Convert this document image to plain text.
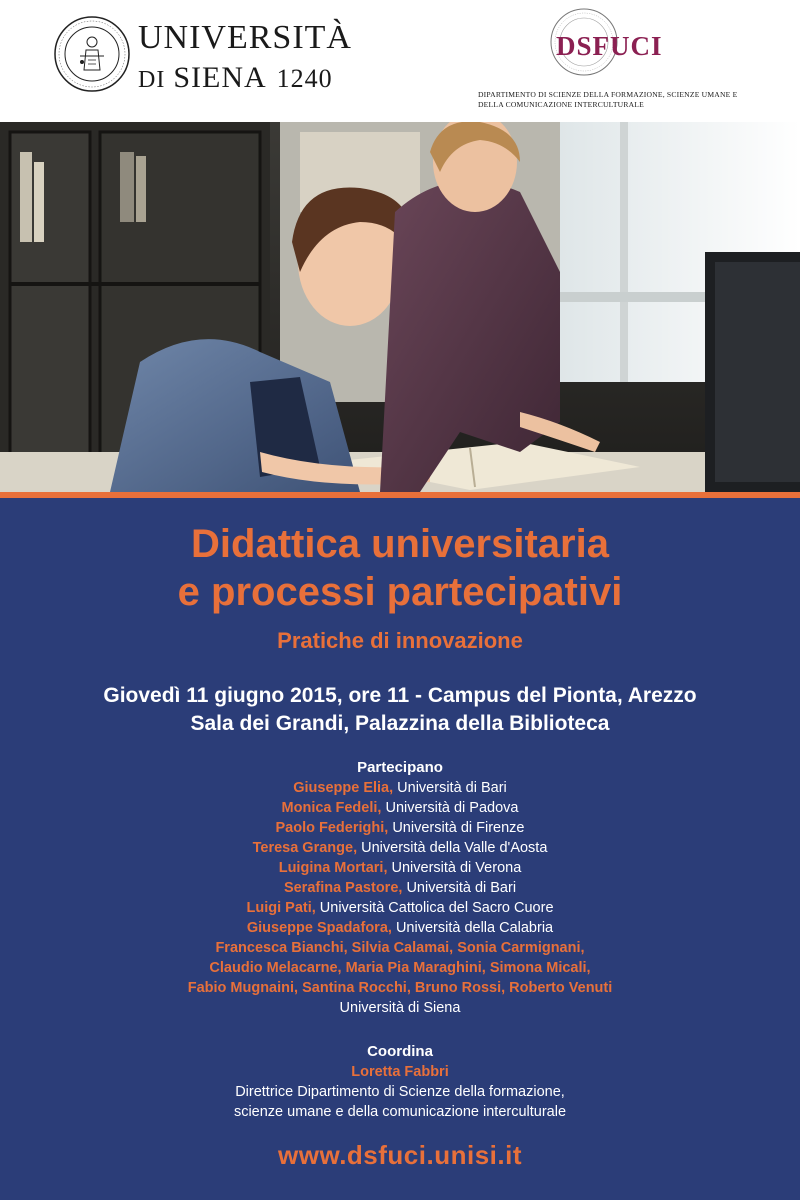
UNIVERSITÀ
DI SIENA 1240
DSFUCI
DIPARTIMENTO DI SCIENZE DELLA FORMAZIONE, SCIENZE UMANE E DELLA COMUNICAZIONE INTERCULTURALE
Didattica universitaria
e processi partecipativi
Pratiche di innovazione
Giovedì 11 giugno 2015, ore 11 - Campus del Pionta, Arezzo
Sala dei Grandi, Palazzina della Biblioteca
Partecipano
Giuseppe Elia, Università di Bari
Monica Fedeli, Università di Padova
Paolo Federighi, Università di Firenze
Teresa Grange, Università della Valle d'Aosta
Luigina Mortari, Università di Verona
Serafina Pastore, Università di Bari
Luigi Pati, Università Cattolica del Sacro Cuore
Giuseppe Spadafora, Università della Calabria
Francesca Bianchi, Silvia Calamai, Sonia Carmignani,
Claudio Melacarne, Maria Pia Maraghini, Simona Micali,
Fabio Mugnaini, Santina Rocchi, Bruno Rossi, Roberto Venuti
Università di Siena
Coordina
Loretta Fabbri
Direttrice Dipartimento di Scienze della formazione,
scienze umane e della comunicazione interculturale
www.dsfuci.unisi.it
